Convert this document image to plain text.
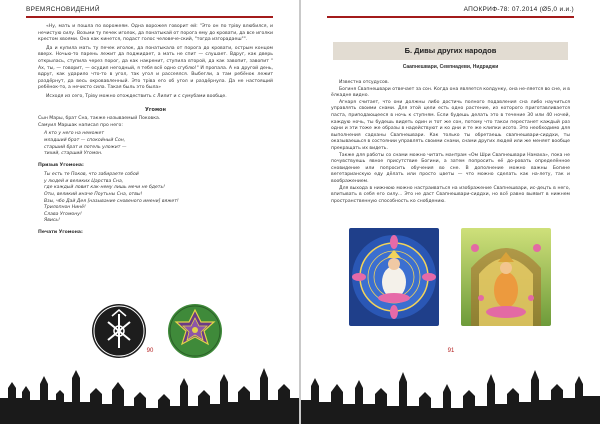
ВРЕМЯСНОВИДЕНИЙ

«Ну, мать и пошла по ворожеям. Одна ворожея говорит ей: "Это он по тріву влюбился, и нечистую силу. Возьми ту печек иголок, да понатыкай от порога ему до кровати, да все иголки крестом хвоями. Она как кинется, подаст голос человече-ский, "тогда изгорадаеш"".

Да и купила мать ту печек иголок, да понатыкала от порога до кровати, острым концом вверх. Ночью-то парень лежит да поджидает, а мать не спит — слушает. Вдруг, как дверь открылась, ступила через порог, да как накренит, ступила второй, да как завопит, завопит " Ах, ты, — говорит, — осудил негодный, я тебя всё одно сгублю!" И пропала. А на другой день, вдруг, как ударило что-то в угол, так угол и рассеялся. Выбегли, а там ребёнок лежит раздёрнут, да весь окровавленный. Это тріва его об угол и раздёрнула. Да не настоящий ребёнок-то, а нечисто сила. Такая быль это была»

Исходя из сего, Тріву можно отождествить с Лилит и с сумубами вообще.

Угомон
Сын Мары, брат Сна, также называемый Поковка.
Самуил Маршак написал про него:
А кто у него на неможет
младший брат — спокойный Сон,
старший брат и потель уложит —
тихий, старший Угомон.
Призыв Угомона:
Ты есть те Поков, что забираете собой
у людей и великих Царства Сна,
где каждый ловит как-нему лишь мечи не бдеть!
Оты, великий иначе Поутьны Сна, отвы!
Взы, чбо Дай Дея [называние сновеного имени] вяжет!
Трилопнон Нинё!
Слава Угомону!
Явись!
Печати Угомона:
90
АПОКРИФ-78: 07.2014 (Ø5,0 и.и.)
Б. Дивы других народов
Саапнешвари, Севпнадеви, Нидраджи

Известна отсудусов.

Богиня Свапнешвари отвечает за сон. Когда она является колдунку, она не-ляется во сне, и в ёлкадне видно.

Агнаря считает, что они должны либо достичь полного подавления сна либо научиться управлять своими снами. Для этой цели есть одно растение, из которого приготавливается паста, приподающееся в ночь к ступням. Если будешь делать это в течение 30 или 40 ночей, каждую ночь, ты будешь видеть один и тот же сон, потому что такси перестанет каждый раз одни и эти тоже же образы в надействуют и ко дни и те же клипки исото. Это необходимо для выполнения садханы Свапнешвари. Как только ты обретаешь свапнешвари-сиддхи, ты оказываешься в состоянии управлять своими снами, снами других людей или же меняет вообще прекращать их видеть.

Также для работы со снами можно читать мантрам «Ом Шри Свапнешвари Намаха», пока не почувствуешь явное присутствие Богини, а затем попросить её до-ровать определённое сновидение или попросить обучения во сне. В дополнение можно важны Богине вегетарианскую еду дёлать или просто цветы — что можно сделать как на-лету, так и воображением.

Для выхода в нижнюю можно настраиваться на изображение Свапнешвари, ис-децть в него, впитывать в себя его силу... Это не даст Свапнешвари-сиддхи, но всё равно выявит в нижнем пространственную способность ко снобдению.

91
